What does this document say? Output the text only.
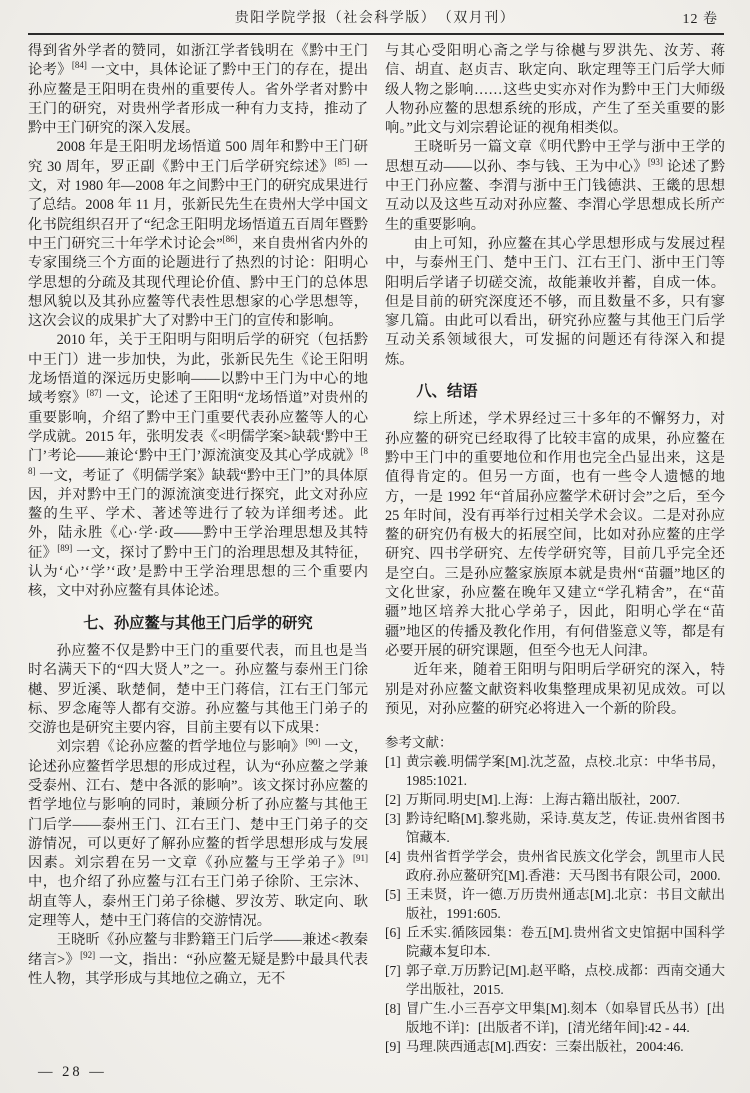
贵阳学院学报（社会科学版）　 （双月刊）	12 卷

得到省外学者的赞同，如浙江学者钱明在《黔中王门论考》[84] 一文中，具体论证了黔中王门的存在，提出孙应鳌是王阳明在贵州的重要传人。省外学者对黔中王门的研究，对贵州学者形成一种有力支持，推动了黔中王门研究的深入发展。

2008 年是王阳明龙场悟道 500 周年和黔中王门研究 30 周年，罗正副《黔中王门后学研究综述》[85] 一文，对 1980 年—2008 年之间黔中王门的研究成果进行了总结。2008 年 11 月，张新民先生在贵州大学中国文化书院组织召开了“纪念王阳明龙场悟道五百周年暨黔中王门研究三十年学术讨论会”[86]，来自贵州省内外的专家围绕三个方面的论题进行了热烈的讨论：阳明心学思想的分疏及其现代理论价值、黔中王门的总体思想风貌以及其孙应鳌等代表性思想家的心学思想等，这次会议的成果扩大了对黔中王门的宣传和影响。

2010 年，关于王阳明与阳明后学的研究（包括黔中王门）进一步加快，为此，张新民先生《论王阳明龙场悟道的深远历史影响——以黔中王门为中心的地域考察》[87] 一文，论述了王阳明“龙场悟道”对贵州的重要影响，介绍了黔中王门重要代表孙应鳌等人的心学成就。2015 年，张明发表《<明儒学案>缺载‘黔中王门’考论——兼论‘黔中王门’源流演变及其心学成就》[88] 一文，考证了《明儒学案》缺载“黔中王门”的具体原因，并对黔中王门的源流演变进行探究，此文对孙应鳌的生平、学术、著述等进行了较为详细考述。此外，陆永胜《心·学·政——黔中王学治理思想及其特征》[89] 一文，探讨了黔中王门的治理思想及其特征，认为‘心’‘学’‘政’是黔中王学治理思想的三个重要内核，文中对孙应鳌有具体论述。

七、孙应鳌与其他王门后学的研究

孙应鳌不仅是黔中王门的重要代表，而且也是当时名满天下的“四大贤人”之一。孙应鳌与泰州王门徐樾、罗近溪、耿楚侗，楚中王门蒋信，江右王门邹元标、罗念庵等人都有交游。孙应鳌与其他王门弟子的交游也是研究主要内容，目前主要有以下成果：

刘宗碧《论孙应鳌的哲学地位与影响》[90] 一文，论述孙应鳌哲学思想的形成过程，认为“孙应鳌之学兼受泰州、江右、楚中各派的影响”。该文探讨孙应鳌的哲学地位与影响的同时，兼顾分析了孙应鳌与其他王门后学——泰州王门、江右王门、楚中王门弟子的交游情况，可以更好了解孙应鳌的哲学思想形成与发展因素。刘宗碧在另一文章《孙应鳌与王学弟子》[91] 中，也介绍了孙应鳌与江右王门弟子徐阶、王宗沐、胡直等人，泰州王门弟子徐樾、罗汝芳、耿定向、耿定理等人，楚中王门蒋信的交游情况。

王晓昕《孙应鳌与非黔籍王门后学——兼述<教秦绪言>》[92] 一文，指出：“孙应鳌无疑是黔中最具代表性人物，其学形成与其地位之确立，无不

与其心受阳明心斋之学与徐樾与罗洪先、汝芳、蒋信、胡直、赵贞吉、耿定向、耿定理等王门后学大师级人物之影响……这些史实亦对作为黔中王门大师级人物孙应鳌的思想系统的形成，产生了至关重要的影响。”此文与刘宗碧论证的视角相类似。

王晓昕另一篇文章《明代黔中王学与浙中王学的思想互动——以孙、李与钱、王为中心》[93] 论述了黔中王门孙应鳌、李渭与浙中王门钱德洪、王畿的思想互动以及这些互动对孙应鳌、李渭心学思想成长所产生的重要影响。

由上可知，孙应鳌在其心学思想形成与发展过程中，与泰州王门、楚中王门、江右王门、浙中王门等阳明后学诸子切磋交流，故能兼收并蓄，自成一体。但是目前的研究深度还不够，而且数量不多，只有寥寥几篇。由此可以看出，研究孙应鳌与其他王门后学互动关系领域很大，可发掘的问题还有待深入和提炼。

八、结语

综上所述，学术界经过三十多年的不懈努力，对孙应鳌的研究已经取得了比较丰富的成果，孙应鳌在黔中王门中的重要地位和作用也完全凸显出来，这是值得肯定的。但另一方面，也有一些令人遗憾的地方，一是 1992 年“首届孙应鳌学术研讨会”之后，至今 25 年时间，没有再举行过相关学术会议。二是对孙应鳌的研究仍有极大的拓展空间，比如对孙应鳌的庄学研究、四书学研究、左传学研究等，目前几乎完全还是空白。三是孙应鳌家族原本就是贵州“苗疆”地区的文化世家，孙应鳌在晚年又建立“学孔精舍”，在“苗疆”地区培养大批心学弟子，因此，阳明心学在“苗疆”地区的传播及教化作用，有何借鉴意义等，都是有必要开展的研究课题，但至今也无人问津。

近年来，随着王阳明与阳明后学研究的深入，特别是对孙应鳌文献资料收集整理成果初见成效。可以预见，对孙应鳌的研究必将进入一个新的阶段。

参考文献：
[1] 黄宗羲.明儒学案[M].沈芝盈，点校.北京：中华书局，1985:1021.
[2] 万斯同.明史[M].上海：上海古籍出版社，2007.
[3] 黔诗纪略[M].黎兆勋，采诗.莫友芝，传证.贵州省图书馆藏本.
[4] 贵州省哲学学会，贵州省民族文化学会，凯里市人民政府.孙应鳌研究[M].香港：天马图书有限公司，2000.
[5] 王耒贤，许一德.万历贵州通志[M].北京：书目文献出版社，1991:605.
[6] 丘禾实.循陔园集：卷五[M].贵州省文史馆据中国科学院藏本复印本.
[7] 郭子章.万历黔记[M].赵平略，点校.成都：西南交通大学出版社，2015.
[8] 冒广生.小三吾亭文甲集[M].刻本（如皋冒氏丛书）[出版地不详]：[出版者不详]，[清光绪年间]:42 - 44.
[9] 马理.陕西通志[M].西安：三秦出版社，2004:46.
— 28 —
